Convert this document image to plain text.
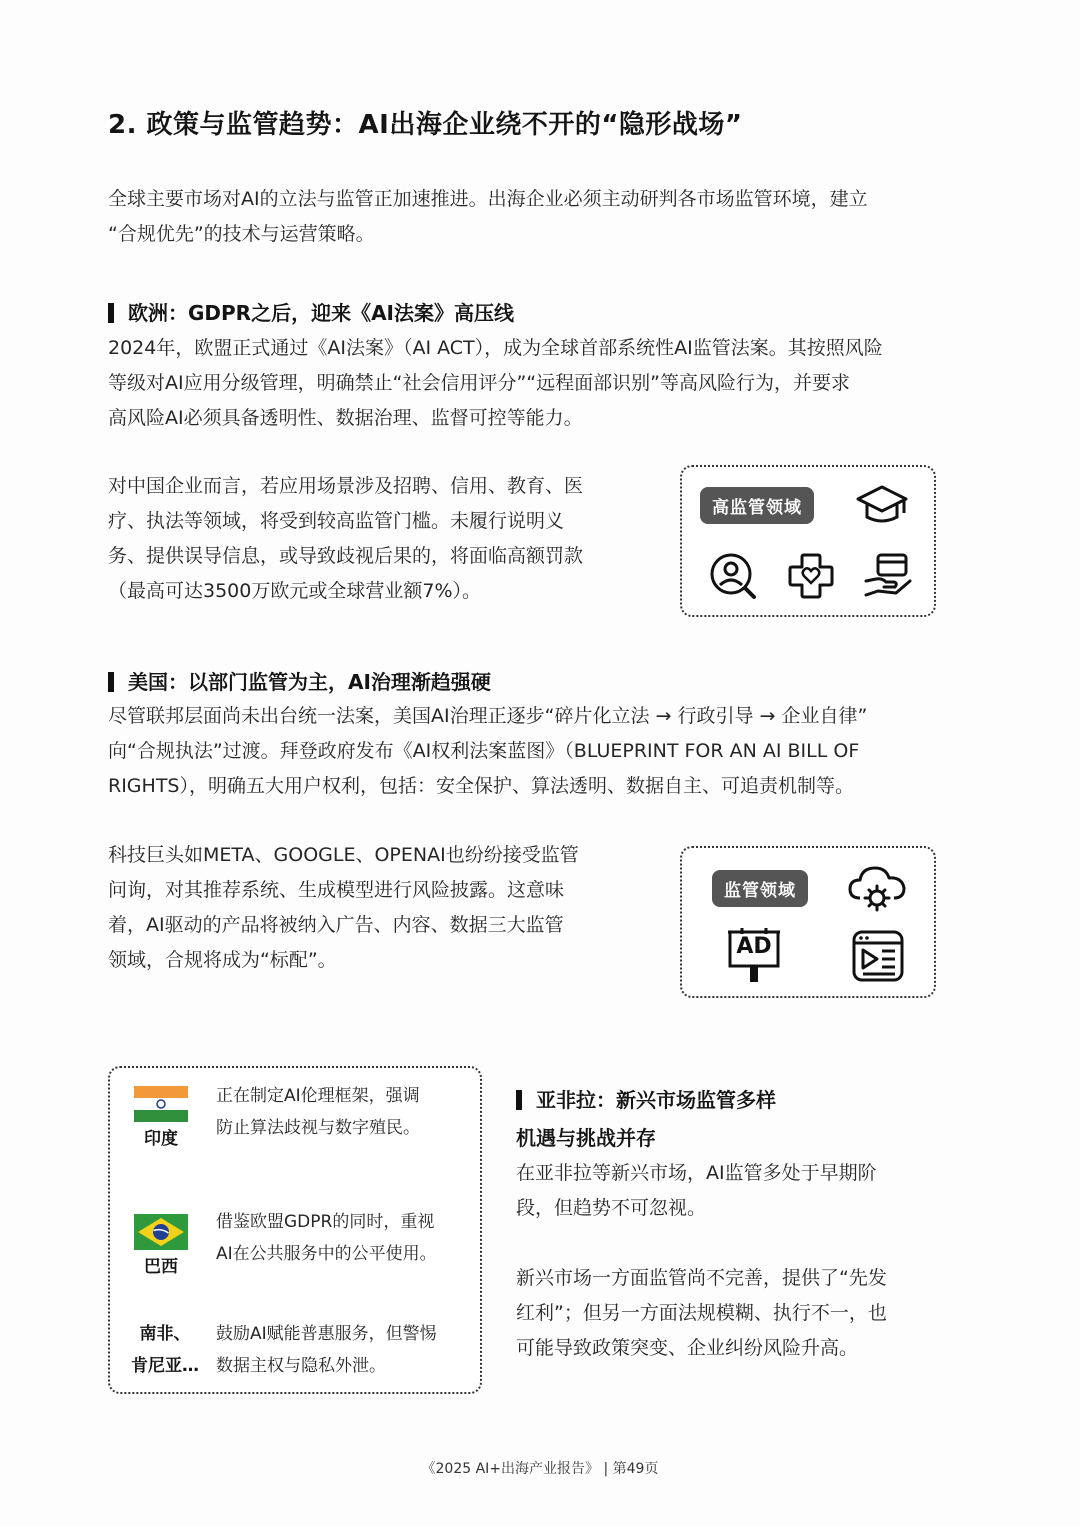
2. 政策与监管趋势：AI出海企业绕不开的“隐形战场”

全球主要市场对AI的立法与监管正加速推进。出海企业必须主动研判各市场监管环境，建立

“合规优先”的技术与运营策略。

欧洲：GDPR之后，迎来《AI法案》高压线

2024年，欧盟正式通过《AI法案》（AI ACT），成为全球首部系统性AI监管法案。其按照风险

等级对AI应用分级管理，明确禁止“社会信用评分”“远程面部识别”等高风险行为，并要求

高风险AI必须具备透明性、数据治理、监督可控等能力。

对中国企业而言，若应用场景涉及招聘、信用、教育、医

疗、执法等领域，将受到较高监管门槛。未履行说明义

务、提供误导信息，或导致歧视后果的，将面临高额罚款

（最高可达3500万欧元或全球营业额7%）。

高监管领域
美国：以部门监管为主，AI治理渐趋强硬

尽管联邦层面尚未出台统一法案，美国AI治理正逐步“碎片化立法 → 行政引导 → 企业自律”

向“合规执法”过渡。拜登政府发布《AI权利法案蓝图》（BLUEPRINT FOR AN AI BILL OF

RIGHTS），明确五大用户权利，包括：安全保护、算法透明、数据自主、可追责机制等。

科技巨头如META、GOOGLE、OPENAI也纷纷接受监管

问询，对其推荐系统、生成模型进行风险披露。这意味

着，AI驱动的产品将被纳入广告、内容、数据三大监管

领域，合规将成为“标配”。

监管领域
AD
印度
正在制定AI伦理框架，强调
防止算法歧视与数字殖民。
巴西
借鉴欧盟GDPR的同时，重视
AI在公共服务中的公平使用。
南非、
肯尼亚…
鼓励AI赋能普惠服务，但警惕
数据主权与隐私外泄。
亚非拉：新兴市场监管多样
机遇与挑战并存

在亚非拉等新兴市场，AI监管多处于早期阶

段，但趋势不可忽视。

新兴市场一方面监管尚不完善，提供了“先发

红利”；但另一方面法规模糊、执行不一，也

可能导致政策突变、企业纠纷风险升高。

《2025 AI+出海产业报告》 | 第49页
